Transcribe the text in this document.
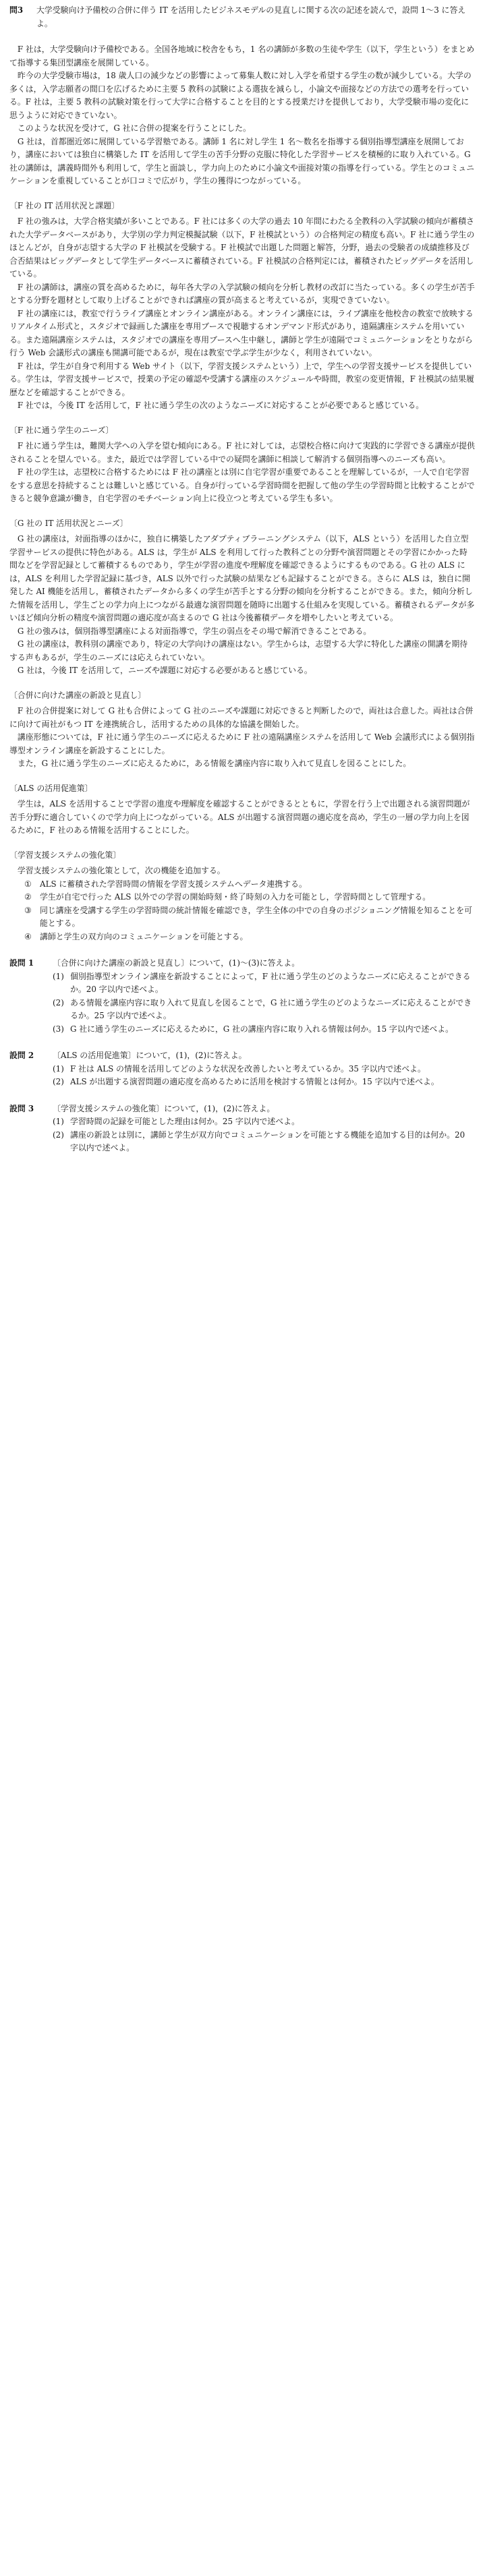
問3	大学受験向け予備校の合併に伴う IT を活用したビジネスモデルの見直しに関する次の記述を読んで，設問 1〜3 に答えよ。

F 社は，大学受験向け予備校である。全国各地域に校舎をもち，1 名の講師が多数の生徒や学生（以下，学生という）をまとめて指導する集団型講座を展開している。

昨今の大学受験市場は，18 歳人口の減少などの影響によって募集人数に対し入学を希望する学生の数が減少している。大学の多くは，入学志願者の間口を広げるために主要 5 教科の試験による選抜を減らし，小論文や面接などの方法での選考を行っている。F 社は，主要 5 教科の試験対策を行って大学に合格することを目的とする授業だけを提供しており，大学受験市場の変化に思うように対応できていない。

このような状況を受けて，G 社に合併の提案を行うことにした。

G 社は，首都圏近郊に展開している学習塾である。講師 1 名に対し学生 1 名〜数名を指導する個別指導型講座を展開しており，講座においては独自に構築した IT を活用して学生の苦手分野の克服に特化した学習サービスを積極的に取り入れている。G 社の講師は，講義時間外も利用して，学生と面談し，学力向上のために小論文や面接対策の指導を行っている。学生とのコミュニケーションを重視していることが口コミで広がり，学生の獲得につながっている。

〔 F 社の IT 活用状況と課題 〕

F 社の強みは，大学合格実績が多いことである。F 社には多くの大学の過去 10 年間にわたる全教科の入学試験の傾向が蓄積された大学データベースがあり，大学別の学力判定模擬試験（以下，F 社模試という）の合格判定の精度も高い。F 社に通う学生のほとんどが，自身が志望する大学の F 社模試を受験する。F 社模試で出題した問題と解答，分野，過去の受験者の成績推移及び合否結果はビッグデータとして学生データベースに蓄積されている。F 社模試の合格判定には，蓄積されたビッグデータを活用している。

F 社の講師は，講座の質を高めるために，毎年各大学の入学試験の傾向を分析し教材の改訂に当たっている。多くの学生が苦手とする分野を題材として取り上げることができれば講座の質が高まると考えているが，実現できていない。

F 社の講座には，教室で行うライブ講座とオンライン講座がある。オンライン講座には，ライブ講座を他校舎の教室で放映するリアルタイム形式と，スタジオで録画した講座を専用ブースで視聴するオンデマンド形式があり，遠隔講座システムを用いている。また遠隔講座システムは，スタジオでの講座を専用ブースへ生中継し，講師と学生が遠隔でコミュニケーションをとりながら行う Web 会議形式の講座も開講可能であるが，現在は教室で学ぶ学生が少なく，利用されていない。

F 社は，学生が自身で利用する Web サイト（以下，学習支援システムという）上で，学生への学習支援サービスを提供している。学生は，学習支援サービスで，授業の予定の確認や受講する講座のスケジュールや時間，教室の変更情報，F 社模試の結果履歴などを確認することができる。

F 社では，今後 IT を活用して，F 社に通う学生の次のようなニーズに対応することが必要であると感じている。

〔 F 社に通う学生のニーズ 〕

F 社に通う学生は，難関大学への入学を望む傾向にある。F 社に対しては，志望校合格に向けて実践的に学習できる講座が提供されることを望んでいる。また，最近では学習している中での疑問を講師に相談して解消する個別指導へのニーズも高い。

F 社の学生は，志望校に合格するためには F 社の講座とは別に自宅学習が重要であることを理解しているが，一人で自宅学習をする意思を持続することは難しいと感じている。自身が行っている学習時間を把握して他の学生の学習時間と比較することができると競争意識が働き，自宅学習のモチベーション向上に役立つと考えている学生も多い。

〔 G 社の IT 活用状況とニーズ 〕

G 社の講座は，対面指導のほかに，独自に構築したアダプティブラーニングシステム（以下，ALS という）を活用した自立型学習サービスの提供に特色がある。ALS は，学生が ALS を利用して行った教科ごとの分野や演習問題とその学習にかかった時間などを学習記録として蓄積するものであり，学生が学習の進度や理解度を確認できるようにするものである。G 社の ALS には，ALS を利用した学習記録に基づき，ALS 以外で行った試験の結果なども記録することができる。さらに ALS は，独自に開発した AI 機能を活用し，蓄積されたデータから多くの学生が苦手とする分野の傾向を分析することができる。また，傾向分析した情報を活用し，学生ごとの学力向上につながる最適な演習問題を随時に出題する仕組みを実現している。蓄積されるデータが多いほど傾向分析の精度や演習問題の適応度が高まるので G 社は今後蓄積データを増やしたいと考えている。

G 社の強みは，個別指導型講座による対面指導で，学生の弱点をその場で解消できることである。

G 社の講座は，教科別の講座であり，特定の大学向けの講座はない。学生からは，志望する大学に特化した講座の開講を期待する声もあるが，学生のニーズには応えられていない。

G 社は，今後 IT を活用して，ニーズや課題に対応する必要があると感じている。

〔 合併に向けた講座の新設と見直し 〕

F 社の合併提案に対して G 社も合併によって G 社のニーズや課題に対応できると判断したので，両社は合意した。両社は合併に向けて両社がもつ IT を連携統合し，活用するための具体的な協議を開始した。

講座形態については，F 社に通う学生のニーズに応えるために F 社の遠隔講座システムを活用して Web 会議形式による個別指導型オンライン講座を新設することにした。

また，G 社に通う学生のニーズに応えるために，ある情報を講座内容に取り入れて見直しを図ることにした。

〔 ALS の活用促進策 〕

学生は，ALS を活用することで学習の進度や理解度を確認することができるとともに，学習を行う上で出題される演習問題が苦手分野に適合していくので学力向上につながっている。ALS が出題する演習問題の適応度を高め，学生の一層の学力向上を図るために，F 社のある情報を活用することにした。

〔 学習支援システムの強化策 〕

学習支援システムの強化策として，次の機能を追加する。

①	ALS に蓄積された学習時間の情報を学習支援システムへデータ連携する。
②	学生が自宅で行った ALS 以外での学習の開始時刻・終了時刻の入力を可能とし，学習時間として管理する。
③	同じ講座を受講する学生の学習時間の統計情報を確認でき，学生全体の中での自身のポジショニング情報を知ることを可能とする。
④	講師と学生の双方向のコミュニケーションを可能とする。
設問 1	〔合併に向けた講座の新設と見直し〕について，(1)〜(3)に答えよ。
(1) 個別指導型オンライン講座を新設することによって，F 社に通う学生のどのようなニーズに応えることができるか。20 字以内で述べよ。
(2) ある情報を講座内容に取り入れて見直しを図ることで，G 社に通う学生のどのようなニーズに応えることができるか。25 字以内で述べよ。
(3) G 社に通う学生のニーズに応えるために，G 社の講座内容に取り入れる情報は何か。15 字以内で述べよ。
設問 2	〔ALS の活用促進策〕について，(1)，(2)に答えよ。
(1) F 社は ALS の情報を活用してどのような状況を改善したいと考えているか。35 字以内で述べよ。
(2) ALS が出題する演習問題の適応度を高めるために活用を検討する情報とは何か。15 字以内で述べよ。
設問 3	〔学習支援システムの強化策〕について，(1)，(2)に答えよ。
(1) 学習時間の記録を可能とした理由は何か。25 字以内で述べよ。
(2) 講座の新設とは別に，講師と学生が双方向でコミュニケーションを可能とする機能を追加する目的は何か。20 字以内で述べよ。
